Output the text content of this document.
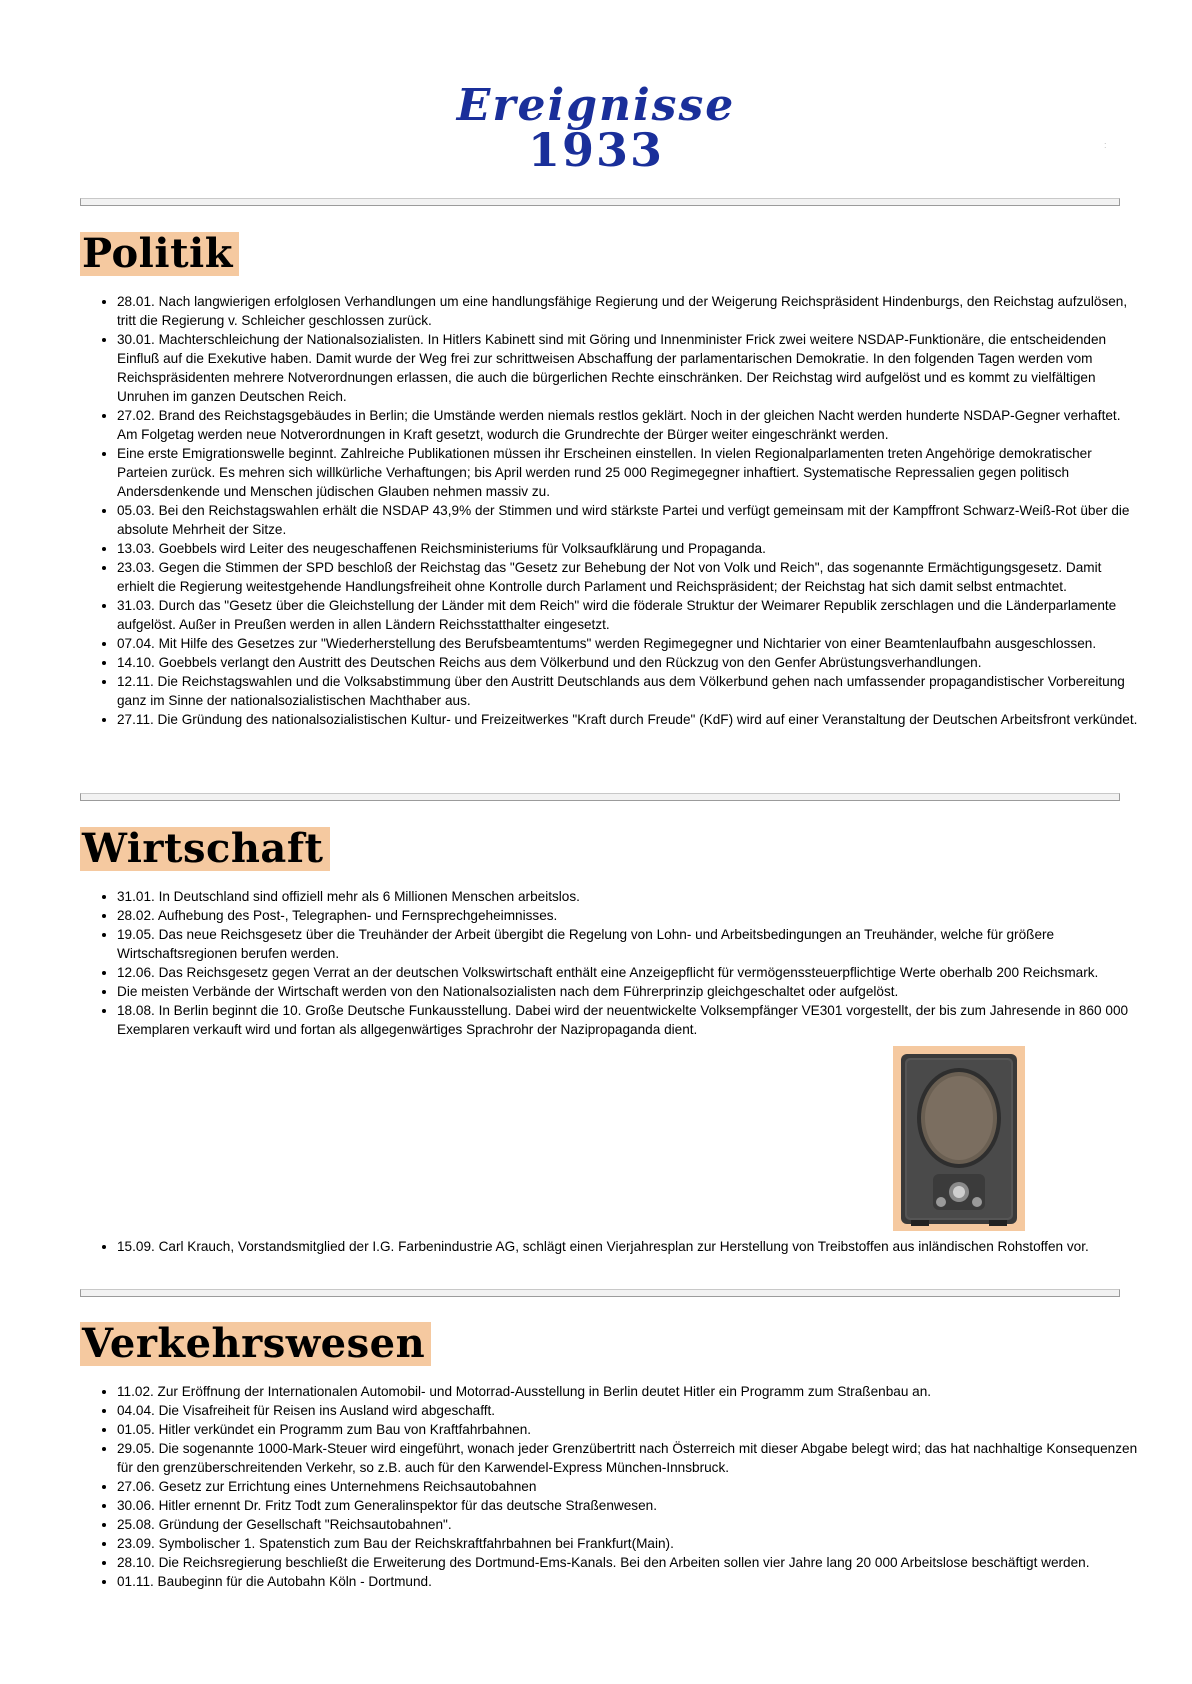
Ereignisse
1933	:
Politik
• 28.01. Nach langwierigen erfolglosen Verhandlungen um eine handlungsfähige Regierung und der Weigerung Reichspräsident Hindenburgs, den Reichstag aufzulösen, tritt die Regierung v. Schleicher geschlossen zurück.
• 30.01. Machterschleichung der Nationalsozialisten. In Hitlers Kabinett sind mit Göring und Innenminister Frick zwei weitere NSDAP-Funktionäre, die entscheidenden Einfluß auf die Exekutive haben. Damit wurde der Weg frei zur schrittweisen Abschaffung der parlamentarischen Demokratie. In den folgenden Tagen werden vom Reichspräsidenten mehrere Notverordnungen erlassen, die auch die bürgerlichen Rechte einschränken. Der Reichstag wird aufgelöst und es kommt zu vielfältigen Unruhen im ganzen Deutschen Reich.
• 27.02. Brand des Reichstagsgebäudes in Berlin; die Umstände werden niemals restlos geklärt. Noch in der gleichen Nacht werden hunderte NSDAP-Gegner verhaftet. Am Folgetag werden neue Notverordnungen in Kraft gesetzt, wodurch die Grundrechte der Bürger weiter eingeschränkt werden.
• Eine erste Emigrationswelle beginnt. Zahlreiche Publikationen müssen ihr Erscheinen einstellen. In vielen Regionalparlamenten treten Angehörige demokratischer Parteien zurück. Es mehren sich willkürliche Verhaftungen; bis April werden rund 25 000 Regimegegner inhaftiert. Systematische Repressalien gegen politisch Andersdenkende und Menschen jüdischen Glauben nehmen massiv zu.
• 05.03. Bei den Reichstagswahlen erhält die NSDAP 43,9% der Stimmen und wird stärkste Partei und verfügt gemeinsam mit der Kampffront Schwarz-Weiß-Rot über die absolute Mehrheit der Sitze.
• 13.03. Goebbels wird Leiter des neugeschaffenen Reichsministeriums für Volksaufklärung und Propaganda.
• 23.03. Gegen die Stimmen der SPD beschloß der Reichstag das "Gesetz zur Behebung der Not von Volk und Reich", das sogenannte Ermächtigungsgesetz. Damit erhielt die Regierung weitestgehende Handlungsfreiheit ohne Kontrolle durch Parlament und Reichspräsident; der Reichstag hat sich damit selbst entmachtet.
• 31.03. Durch das "Gesetz über die Gleichstellung der Länder mit dem Reich" wird die föderale Struktur der Weimarer Republik zerschlagen und die Länderparlamente aufgelöst. Außer in Preußen werden in allen Ländern Reichsstatthalter eingesetzt.
• 07.04. Mit Hilfe des Gesetzes zur "Wiederherstellung des Berufsbeamtentums" werden Regimegegner und Nichtarier von einer Beamtenlaufbahn ausgeschlossen.
• 14.10. Goebbels verlangt den Austritt des Deutschen Reichs aus dem Völkerbund und den Rückzug von den Genfer Abrüstungsverhandlungen.
• 12.11. Die Reichstagswahlen und die Volksabstimmung über den Austritt Deutschlands aus dem Völkerbund gehen nach umfassender propagandistischer Vorbereitung ganz im Sinne der nationalsozialistischen Machthaber aus.
• 27.11. Die Gründung des nationalsozialistischen Kultur- und Freizeitwerkes "Kraft durch Freude" (KdF) wird auf einer Veranstaltung der Deutschen Arbeitsfront verkündet.
Wirtschaft
• 31.01. In Deutschland sind offiziell mehr als 6 Millionen Menschen arbeitslos.
• 28.02. Aufhebung des Post-, Telegraphen- und Fernsprechgeheimnisses.
• 19.05. Das neue Reichsgesetz über die Treuhänder der Arbeit übergibt die Regelung von Lohn- und Arbeitsbedingungen an Treuhänder, welche für größere Wirtschaftsregionen berufen werden.
• 12.06. Das Reichsgesetz gegen Verrat an der deutschen Volkswirtschaft enthält eine Anzeigepflicht für vermögenssteuerpflichtige Werte oberhalb 200 Reichsmark.
• Die meisten Verbände der Wirtschaft werden von den Nationalsozialisten nach dem Führerprinzip gleichgeschaltet oder aufgelöst.
• 18.08. In Berlin beginnt die 10. Große Deutsche Funkausstellung. Dabei wird der neuentwickelte Volksempfänger VE301 vorgestellt, der bis zum Jahresende in 860 000 Exemplaren verkauft wird und fortan als allgegenwärtiges Sprachrohr der Nazipropaganda dient.
• 15.09. Carl Krauch, Vorstandsmitglied der I.G. Farbenindustrie AG, schlägt einen Vierjahresplan zur Herstellung von Treibstoffen aus inländischen Rohstoffen vor.
Verkehrswesen
• 11.02. Zur Eröffnung der Internationalen Automobil- und Motorrad-Ausstellung in Berlin deutet Hitler ein Programm zum Straßenbau an.
• 04.04. Die Visafreiheit für Reisen ins Ausland wird abgeschafft.
• 01.05. Hitler verkündet ein Programm zum Bau von Kraftfahrbahnen.
• 29.05. Die sogenannte 1000-Mark-Steuer wird eingeführt, wonach jeder Grenzübertritt nach Österreich mit dieser Abgabe belegt wird; das hat nachhaltige Konsequenzen für den grenzüberschreitenden Verkehr, so z.B. auch für den Karwendel-Express München-Innsbruck.
• 27.06. Gesetz zur Errichtung eines Unternehmens Reichsautobahnen
• 30.06. Hitler ernennt Dr. Fritz Todt zum Generalinspektor für das deutsche Straßenwesen.
• 25.08. Gründung der Gesellschaft "Reichsautobahnen".
• 23.09. Symbolischer 1. Spatenstich zum Bau der Reichskraftfahrbahnen bei Frankfurt(Main).
• 28.10. Die Reichsregierung beschließt die Erweiterung des Dortmund-Ems-Kanals. Bei den Arbeiten sollen vier Jahre lang 20 000 Arbeitslose beschäftigt werden.
• 01.11. Baubeginn für die Autobahn Köln - Dortmund.
